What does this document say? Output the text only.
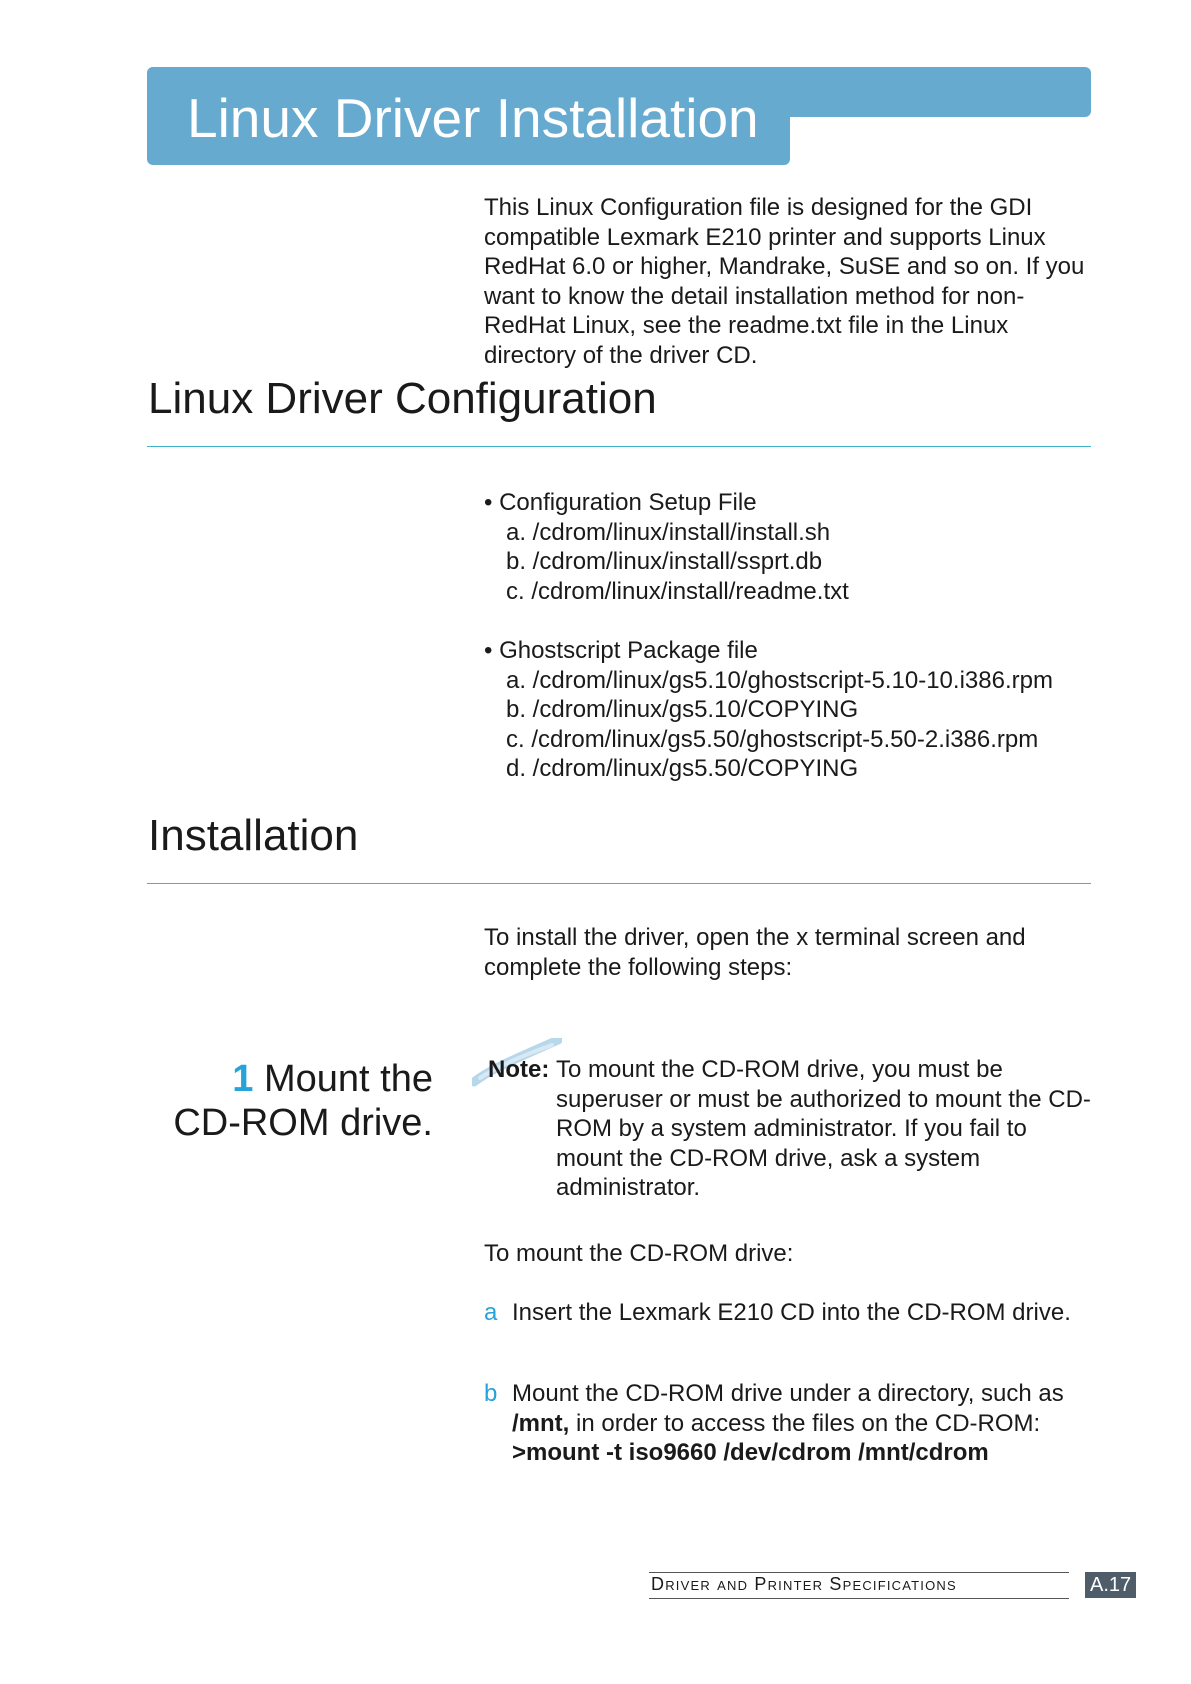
Linux Driver Installation

This Linux Configuration file is designed for the GDI compatible Lexmark E210 printer and supports Linux RedHat 6.0 or higher, Mandrake, SuSE and so on. If you want to know the detail installation method for non-RedHat Linux, see the readme.txt file in the Linux directory of the driver CD.

Linux Driver Configuration
• Configuration Setup File
a. /cdrom/linux/install/install.sh
b. /cdrom/linux/install/ssprt.db
c. /cdrom/linux/install/readme.txt
• Ghostscript Package file
a. /cdrom/linux/gs5.10/ghostscript-5.10-10.i386.rpm
b. /cdrom/linux/gs5.10/COPYING
c. /cdrom/linux/gs5.50/ghostscript-5.50-2.i386.rpm
d. /cdrom/linux/gs5.50/COPYING
Installation

To install the driver, open the x terminal screen and complete the following steps:

1 Mount the
CD-ROM drive.
Note: To mount the CD-ROM drive, you must be superuser or must be authorized to mount the CD-ROM by a system administrator. If you fail to mount the CD-ROM drive, ask a system administrator.

To mount the CD-ROM drive:

a Insert the Lexmark E210 CD into the CD-ROM drive.

b Mount the CD-ROM drive under a directory, such as /mnt, in order to access the files on the CD-ROM:
>mount -t iso9660 /dev/cdrom /mnt/cdrom

Driver and Printer Specifications	A.17
